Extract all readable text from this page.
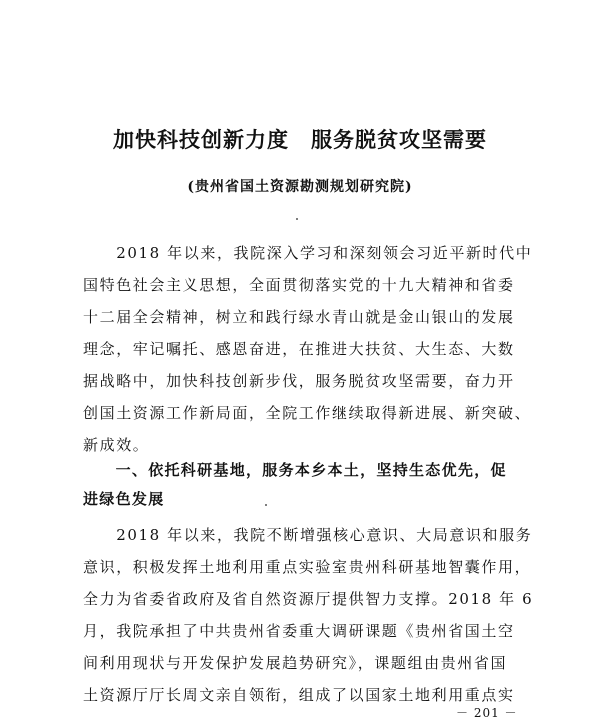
加快科技创新力度　服务脱贫攻坚需要
(贵州省国土资源勘测规划研究院)
　　2018 年以来，我院深入学习和深刻领会习近平新时代中
国特色社会主义思想，全面贯彻落实党的十九大精神和省委
十二届全会精神，树立和践行绿水青山就是金山银山的发展
理念，牢记嘱托、感恩奋进，在推进大扶贫、大生态、大数
据战略中，加快科技创新步伐，服务脱贫攻坚需要，奋力开
创国土资源工作新局面，全院工作继续取得新进展、新突破、
新成效。
　　一、依托科研基地，服务本乡本土，坚持生态优先，促
进绿色发展
　　2018 年以来，我院不断增强核心意识、大局意识和服务
意识，积极发挥土地利用重点实验室贵州科研基地智囊作用，
全力为省委省政府及省自然资源厅提供智力支撑。2018 年 6
月，我院承担了中共贵州省委重大调研课题《贵州省国土空
间利用现状与开发保护发展趋势研究》，课题组由贵州省国
土资源厅厅长周文亲自领衔，组成了以国家土地利用重点实
－ 201 －
